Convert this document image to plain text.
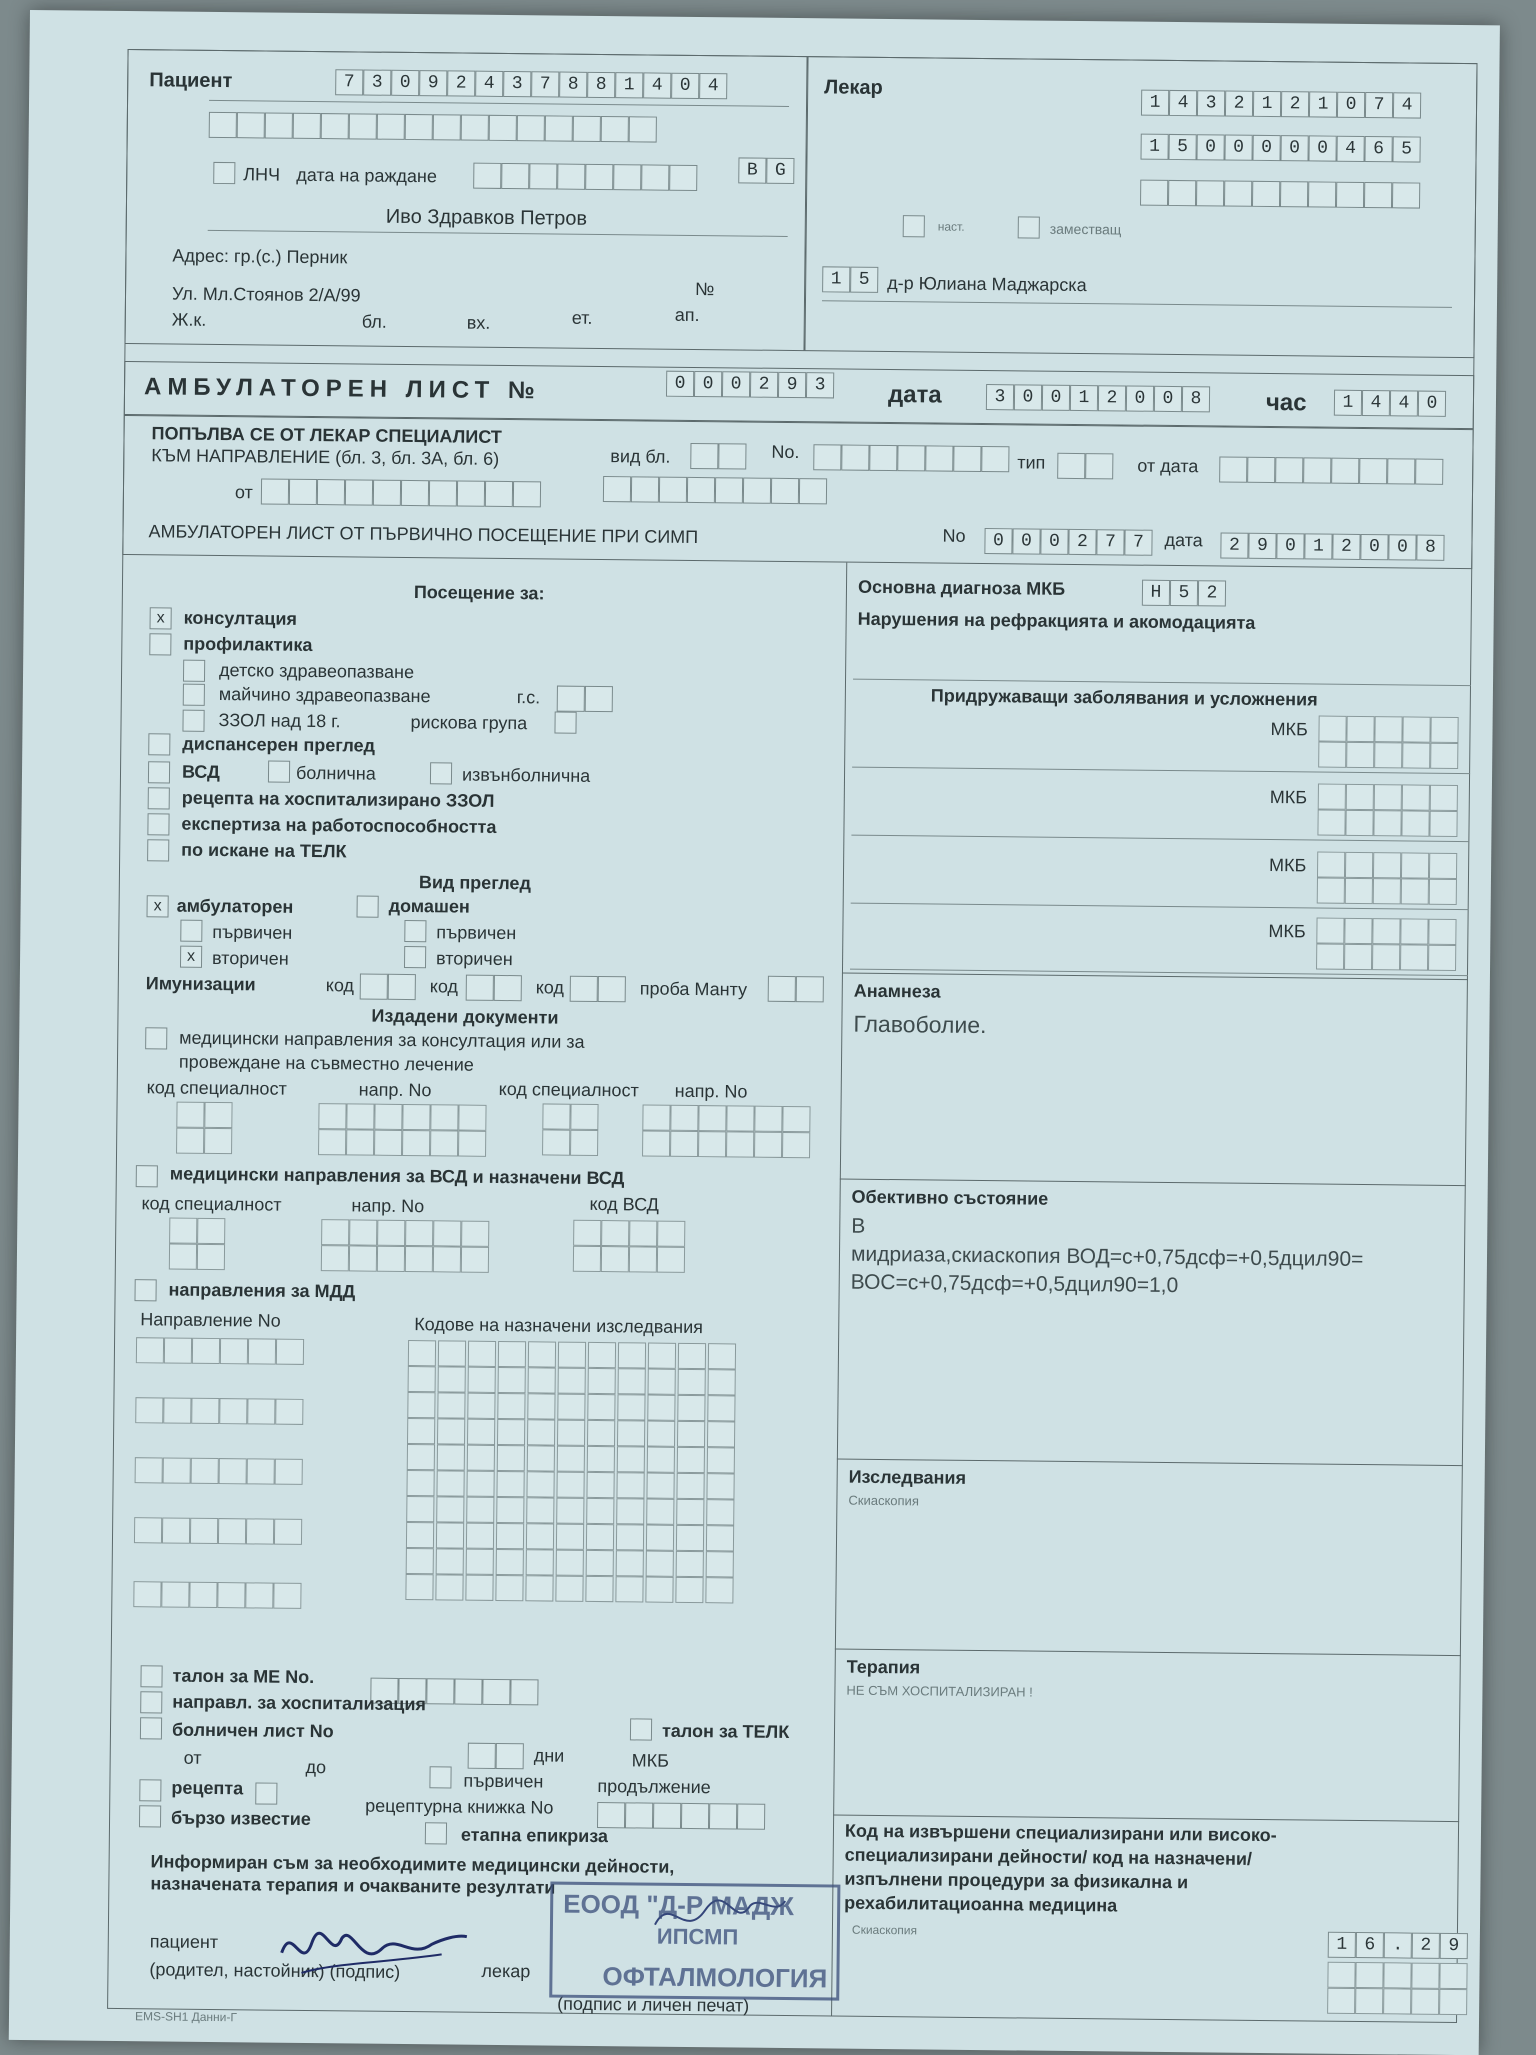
Пациент	7 3 0 9 2 4 3 7 8 8 1 4 0 4
ЛНЧ дата на раждане	B G
Иво Здравков Петров
Адрес: гр.(с.) Перник
Ул. Мл.Стоянов 2/А/99	№
Ж.к.	бл.	вх.	ет.	ап.
Лекар
1 4 3 2 1 2 1 0 7 4
1 5 0 0 0 0 0 4 6 5
наст.	заместващ
1 5 д-р Юлиана Маджарска
АМБУЛАТОРЕН ЛИСТ №	0 0 0 2 9 3	дата	3 0 0 1 2 0 0 8	час	1 4 4 0
ПОПЪЛВА СЕ ОТ ЛЕКАР СПЕЦИАЛИСТ
КЪМ НАПРАВЛЕНИЕ (бл. 3, бл. 3А, бл. 6)	вид бл.	No.
тип	от дата
от
АМБУЛАТОРЕН ЛИСТ ОТ ПЪРВИЧНО ПОСЕЩЕНИЕ ПРИ СИМП	No	0 0 0 2 7 7	дата	2 9 0 1 2 0 0 8
Посещение за:
x	консултация
профилактика
детско здравеопазване
майчино здравеопазване
ЗЗОЛ над 18 г.
диспансерен преглед
ВСД
рецепта на хоспитализирано ЗЗОЛ
експертиза на работоспособността
по искане на ТЕЛК
г.с.
рискова група
болнична	извънболнична
Вид преглед
x амбулаторен	домашен
първичен
x вторичен
първичен
вторичен
Имунизации	код	код	код	проба Манту
Издадени документи
медицински направления за консултация или за
провеждане на съвместно лечение
код специалност	напр. No	код специалност напр. No
медицински направления за ВСД и назначени ВСД
код специалност	напр. No	код ВСД
направления за МДД
Направление No	Кодове на назначени изследвания
талон за МЕ No.
направл. за хоспитализация
талон за ТЕЛК
болничен лист No
от	до
дни	МКБ
рецепта	първичен	продължение
рецептурна книжка No
бързо известие
етапна епикриза
Информиран съм за необходимите медицински дейности,
назначената терапия и очакваните резултати
пациент
(родител, настойник) (подпис)	лекар
(подпис и личен печат)
EMS-SH1 Данни-Г
ЕООД "Д-Р МАДЖ
ИПСМП
ОФТАЛМОЛОГИЯ
Основна диагноза МКБ	H 5 2
Нарушения на рефракцията и акомодацията
Придружаващи заболявания и усложнения
МКБ
МКБ
МКБ
МКБ
Анамнеза
Главоболие.
Обективно състояние
В
мидриаза,скиаскопия ВОД=с+0,75дсф=+0,5дцил90=
ВОС=с+0,75дсф=+0,5дцил90=1,0
Изследвания
Скиаскопия
Терапия
НЕ СЪМ ХОСПИТАЛИЗИРАН !
Код на извършени специализирани или високо-
специализирани дейности/ код на назначени/
изпълнени процедури за физикална и
рехабилитациоанна медицина
Скиаскопия
1 6 . 2 9
